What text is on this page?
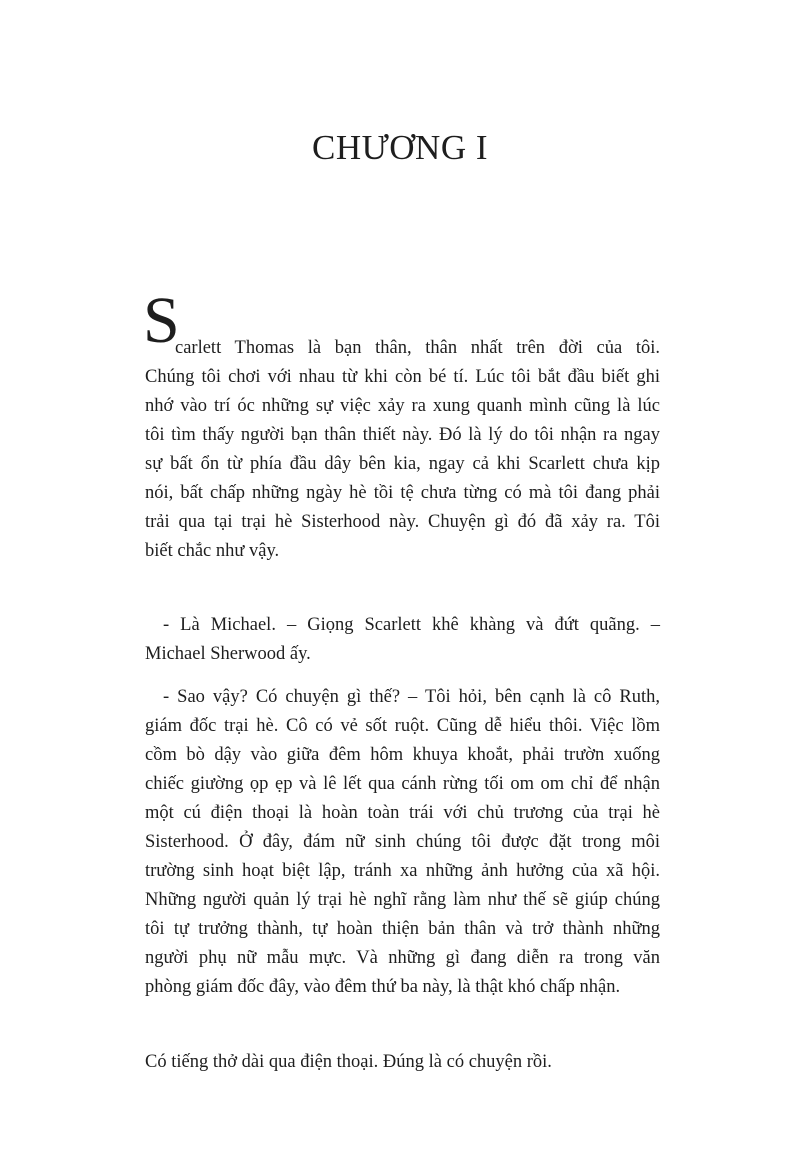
CHƯƠNG I
S
carlett Thomas là bạn thân, thân nhất trên đời của tôi.
Chúng tôi chơi với nhau từ khi còn bé tí. Lúc tôi bắt đầu biết ghi
nhớ vào trí óc những sự việc xảy ra xung quanh mình cũng là lúc
tôi tìm thấy người bạn thân thiết này. Đó là lý do tôi nhận ra ngay
sự bất ổn từ phía đầu dây bên kia, ngay cả khi Scarlett chưa kịp
nói, bất chấp những ngày hè tồi tệ chưa từng có mà tôi đang phải
trải qua tại trại hè Sisterhood này. Chuyện gì đó đã xảy ra. Tôi
biết chắc như vậy.
- Là Michael. – Giọng Scarlett khê khàng và đứt quãng. –
Michael Sherwood ấy.
- Sao vậy? Có chuyện gì thế? – Tôi hỏi, bên cạnh là cô Ruth,
giám đốc trại hè. Cô có vẻ sốt ruột. Cũng dễ hiểu thôi. Việc lồm
cồm bò dậy vào giữa đêm hôm khuya khoắt, phải trườn xuống
chiếc giường ọp ẹp và lê lết qua cánh rừng tối om om chỉ để nhận
một cú điện thoại là hoàn toàn trái với chủ trương của trại hè
Sisterhood. Ở đây, đám nữ sinh chúng tôi được đặt trong môi
trường sinh hoạt biệt lập, tránh xa những ảnh hưởng của xã hội.
Những người quản lý trại hè nghĩ rằng làm như thế sẽ giúp chúng
tôi tự trưởng thành, tự hoàn thiện bản thân và trở thành những
người phụ nữ mẫu mực. Và những gì đang diễn ra trong văn
phòng giám đốc đây, vào đêm thứ ba này, là thật khó chấp nhận.
Có tiếng thở dài qua điện thoại. Đúng là có chuyện rồi.
